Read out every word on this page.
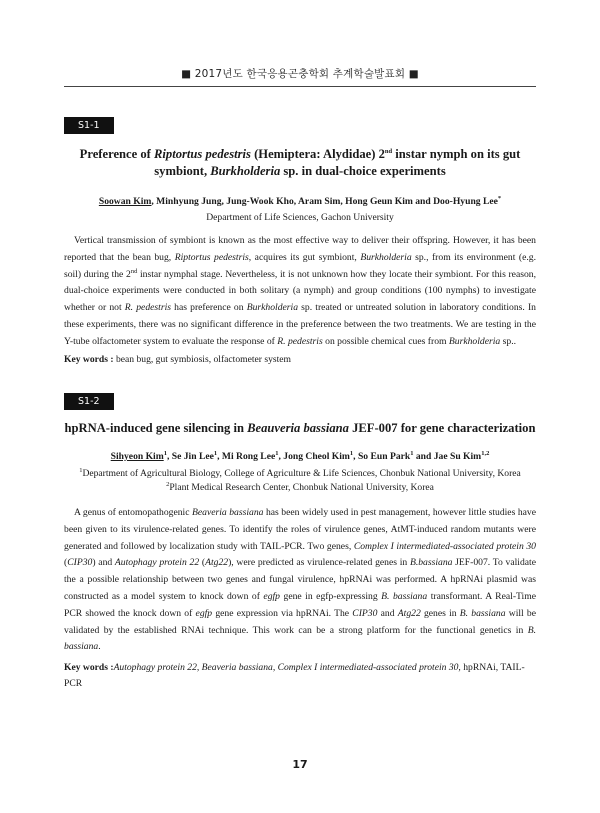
■ 2017년도 한국응용곤충학회 추계학술발표회 ■
S1-1

Preference of Riptortus pedestris (Hemiptera: Alydidae) 2nd instar nymph on its gut symbiont, Burkholderia sp. in dual-choice experiments

Soowan Kim, Minhyung Jung, Jung-Wook Kho, Aram Sim, Hong Geun Kim and Doo-Hyung Lee*

Department of Life Sciences, Gachon University

Vertical transmission of symbiont is known as the most effective way to deliver their offspring. However, it has been reported that the bean bug, Riptortus pedestris, acquires its gut symbiont, Burkholderia sp., from its environment (e.g. soil) during the 2nd instar nymphal stage. Nevertheless, it is not unknown how they locate their symbiont. For this reason, dual-choice experiments were conducted in both solitary (a nymph) and group conditions (100 nymphs) to investigate whether or not R. pedestris has preference on Burkholderia sp. treated or untreated solution in laboratory conditions. In these experiments, there was no significant difference in the preference between the two treatments. We are testing in the Y-tube olfactometer system to evaluate the response of R. pedestris on possible chemical cues from Burkholderia sp..

Key words : bean bug, gut symbiosis, olfactometer system

S1-2

hpRNA-induced gene silencing in Beauveria bassiana JEF-007 for gene characterization

Sihyeon Kim$^1$, Se Jin Lee$^1$, Mi Rong Lee$^1$, Jong Cheol Kim$^1$, So Eun Park$^1$ and Jae Su Kim$^{1,2}$

$^1$Department of Agricultural Biology, College of Agriculture & Life Sciences, Chonbuk National University, Korea

$^2$Plant Medical Research Center, Chonbuk National University, Korea

A genus of entomopathogenic Beaveria bassiana has been widely used in pest management, however little studies have been given to its virulence-related genes. To identify the roles of virulence genes, AtMT-induced random mutants were generated and followed by localization study with TAIL-PCR. Two genes, Complex I intermediated-associated protein 30 (CIP30) and Autophagy protein 22 (Atg22), were predicted as virulence-related genes in B.bassiana JEF-007. To validate the a possible relationship between two genes and fungal virulence, hpRNAi was performed. A hpRNAi plasmid was constructed as a model system to knock down of egfp gene in egfp-expressing B. bassiana transformant. A Real-Time PCR showed the knock down of egfp gene expression via hpRNAi. The CIP30 and Atg22 genes in B. bassiana will be validated by the established RNAi technique. This work can be a strong platform for the functional genetics in B. bassiana.

Key words :Autophagy protein 22, Beaveria bassiana, Complex I intermediated-associated protein 30, hpRNAi, TAIL-PCR

17
